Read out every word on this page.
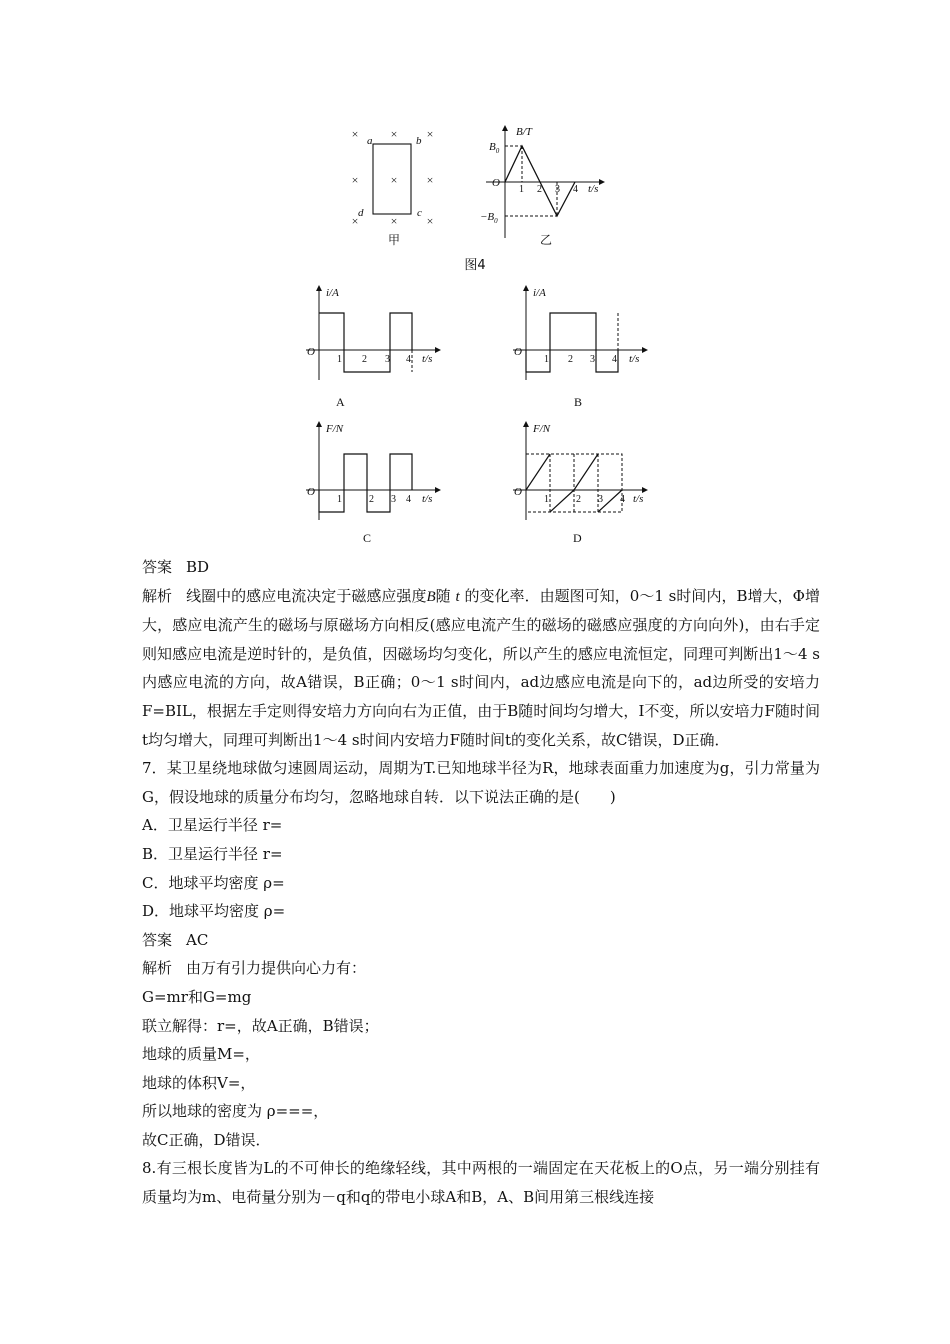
×	× ×
×	× ×
×	× ×
a	b
c
d
甲
B/T
$B_0$
$-B_0$
O
1 2 3 4 t/s
乙
图4
i/A
O
1 2 3 4 t/s
A
i/A
O
1 2 3 4 t/s
B
F/N
O
1	2 3 4 t/s
C
F/N
O
1	2 3 4 t/s
D

答案 BD

解析 线圈中的感应电流决定于磁感应强度B随 t 的变化率．由题图可知，0～1 s时间内，B增大，Φ增大，感应电流产生的磁场与原磁场方向相反(感应电流产生的磁场的磁感应强度的方向向外)，由右手定则知感应电流是逆时针的，是负值，因磁场均匀变化，所以产生的感应电流恒定，同理可判断出1～4 s内感应电流的方向，故A错误，B正确；0～1 s时间内，ad边感应电流是向下的，ad边所受的安培力F=BIL，根据左手定则得安培力方向向右为正值，由于B随时间均匀增大，I不变，所以安培力F随时间t均匀增大，同理可判断出1～4 s时间内安培力F随时间t的变化关系，故C错误，D正确．

7．某卫星绕地球做匀速圆周运动，周期为T.已知地球半径为R，地球表面重力加速度为g，引力常量为G，假设地球的质量分布均匀，忽略地球自转．以下说法正确的是(　　)

A．卫星运行半径 r=

B．卫星运行半径 r=

C．地球平均密度 ρ=

D．地球平均密度 ρ=

答案 AC

解析 由万有引力提供向心力有：

G=mr和G=mg

联立解得：r=，故A正确，B错误；

地球的质量M=，

地球的体积V=，

所以地球的密度为 ρ===，

故C正确，D错误．

8.有三根长度皆为L的不可伸长的绝缘轻线，其中两根的一端固定在天花板上的O点，另一端分别挂有质量均为m、电荷量分别为－q和q的带电小球A和B，A、B间用第三根线连接
